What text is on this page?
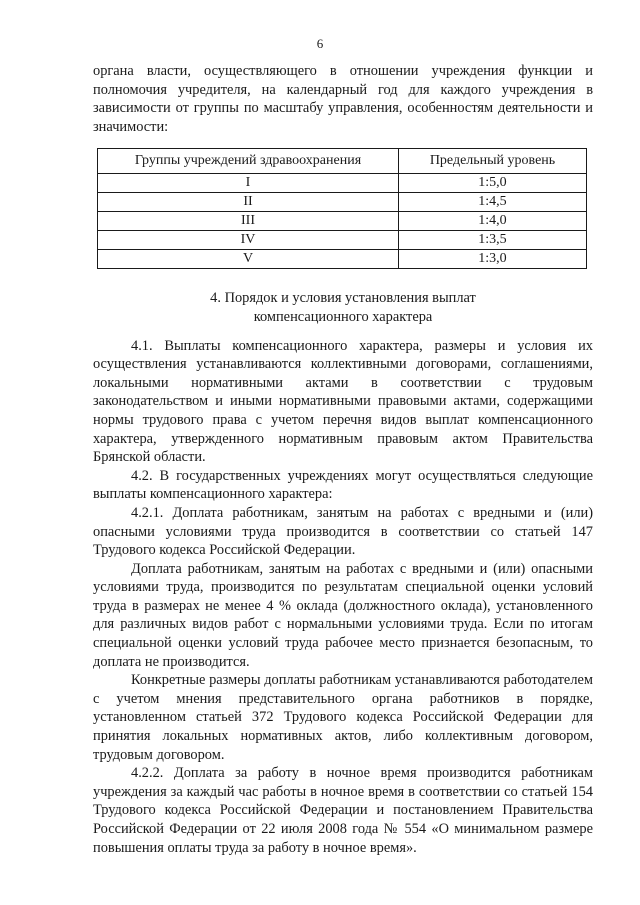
6

органа власти, осуществляющего в отношении учреждения функции и полномочия учредителя, на календарный год для каждого учреждения в зависимости от группы по масштабу управления, особенностям деятельности и значимости:

Группы учреждений здравоохранения	Предельный уровень
I	1:5,0
II	1:4,5
III	1:4,0
IV	1:3,5
V	1:3,0
4. Порядок и условия установления выплат
компенсационного характера

4.1. Выплаты компенсационного характера, размеры и условия их осуществления устанавливаются коллективными договорами, соглашениями, локальными нормативными актами в соответствии с трудовым законодательством и иными нормативными правовыми актами, содержащими нормы трудового права с учетом перечня видов выплат компенсационного характера, утвержденного нормативным правовым актом Правительства Брянской области.

4.2. В государственных учреждениях могут осуществляться следующие выплаты компенсационного характера:

4.2.1. Доплата работникам, занятым на работах с вредными и (или) опасными условиями труда производится в соответствии со статьей 147 Трудового кодекса Российской Федерации.

Доплата работникам, занятым на работах с вредными и (или) опасными условиями труда, производится по результатам специальной оценки условий труда в размерах не менее 4 % оклада (должностного оклада), установленного для различных видов работ с нормальными условиями труда. Если по итогам специальной оценки условий труда рабочее место признается безопасным, то доплата не производится.

Конкретные размеры доплаты работникам устанавливаются работодателем с учетом мнения представительного органа работников в порядке, установленном статьей 372 Трудового кодекса Российской Федерации для принятия локальных нормативных актов, либо коллективным договором, трудовым договором.

4.2.2. Доплата за работу в ночное время производится работникам учреждения за каждый час работы в ночное время в соответствии со статьей 154 Трудового кодекса Российской Федерации и постановлением Правительства Российской Федерации от 22 июля 2008 года № 554 «О минимальном размере повышения оплаты труда за работу в ночное время».
